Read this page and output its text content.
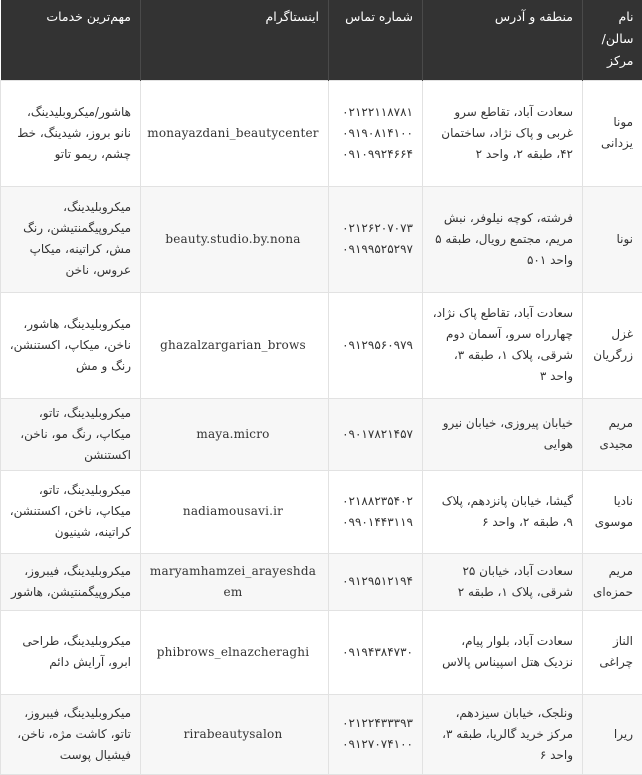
نام سالن/ مرکز	منطقه و آدرس	شماره تماس	اینستاگرام	مهم‌ترین خدمات
مونا یزدانی	سعادت آباد، تقاطع سرو غربی و پاک نژاد، ساختمان ۴۲، طبقه ۲، واحد ۲	۰۲۱۲۲۱۱۸۷۸۱
۰۹۱۹۰۸۱۴۱۰۰
۰۹۱۰۹۹۲۴۶۶۴	monayazdani_beautycenter	هاشور/میکروبلیدینگ، نانو بروز، شیدینگ، خط چشم، ریمو تاتو
نونا	فرشته، کوچه نیلوفر، نبش مریم، مجتمع رویال، طبقه ۵ واحد ۵۰۱	۰۲۱۲۶۲۰۷۰۷۳
۰۹۱۹۹۵۲۵۲۹۷	beauty.studio.by.nona	میکروبلیدینگ، میکروپیگمنتیشن، رنگ مش، کراتینه، میکاپ عروس، ناخن
غزل زرگریان	سعادت آباد، تقاطع پاک نژاد، چهارراه سرو، آسمان دوم شرقی، پلاک ۱، طبقه ۳، واحد ۳	۰۹۱۲۹۵۶۰۹۷۹	ghazalzargarian_brows	میکروبلیدینگ، هاشور، ناخن، میکاپ، اکستنشن، رنگ و مش
مریم مجیدی	خیابان پیروزی، خیابان نیرو هوایی	۰۹۰۱۷۸۲۱۴۵۷	maya.micro	میکروبلیدینگ، تاتو، میکاپ، رنگ مو، ناخن، اکستنشن
نادیا موسوی	گیشا، خیابان پانزدهم، پلاک ۹، طبقه ۲، واحد ۶	۰۲۱۸۸۲۳۵۴۰۲
۰۹۹۰۱۴۴۳۱۱۹	nadiamousavi.ir	میکروبلیدینگ، تاتو، میکاپ، ناخن، اکستنشن، کراتینه، شینیون
مریم حمزه‌ای	سعادت آباد، خیابان ۲۵ شرقی، پلاک ۱، طبقه ۲	۰۹۱۲۹۵۱۲۱۹۴	maryamhamzei_arayeshdaem	میکروبلیدینگ، فیبروز، میکروپیگمنتیشن، هاشور
الناز چراغی	سعادت آباد، بلوار پیام، نزدیک هتل اسپیناس پالاس	۰۹۱۹۴۳۸۴۷۳۰	phibrows_elnazcheraghi	میکروبلیدینگ، طراحی ابرو، آرایش دائم
ریرا	ونلجک، خیابان سیزدهم، مرکز خرید گالریا، طبقه ۳، واحد ۶	۰۲۱۲۲۴۳۳۳۹۳
۰۹۱۲۷۰۷۴۱۰۰	rirabeautysalon	میکروبلیدینگ، فیبروز، تاتو، کاشت مژه، ناخن، فیشیال پوست
